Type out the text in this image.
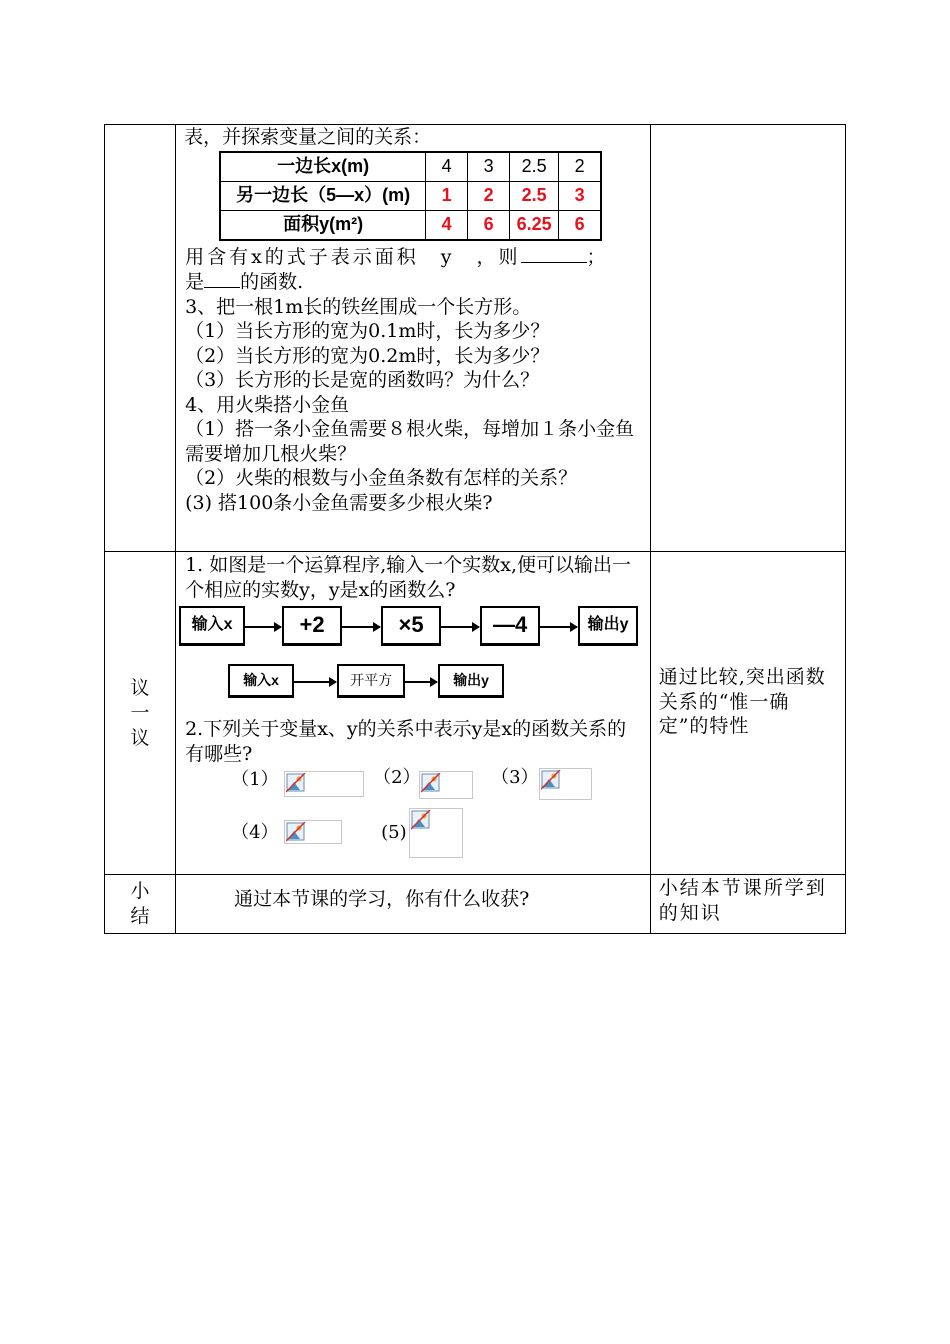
表，并探索变量之间的关系：
一边长x(m)	4	3	2.5	2
另一边长（5—x）(m)	1	2	2.5	3
面积y(m²)	4	6	6.25	6
用含有x的式子表示面积　y　，则	；
是 的函数.
3、把一根1m长的铁丝围成一个长方形。
（1）当长方形的宽为0.1m时，长为多少？
（2）当长方形的宽为0.2m时，长为多少？
（3）长方形的长是宽的函数吗？为什么？
4、用火柴搭小金鱼
（1）搭一条小金鱼需要８根火柴，每增加１条小金鱼需要增加几根火柴？
（2）火柴的根数与小金鱼条数有怎样的关系？
(3) 搭100条小金鱼需要多少根火柴?

议
一
议

1. 如图是一个运算程序,输入一个实数x,便可以输出一个相应的实数y，y是x的函数么?
输入x	+2	×5	—4	输出y
输入x	开平方	输出y
2.下列关于变量x、y的关系中表示y是x的函数关系的有哪些?
（1）	（2）	（3）
（4）	(5)

通过比较,突出函数关系的“惟一确定”的特性

小
结

通过本节课的学习，你有什么收获?	小结本节课所学到的知识
